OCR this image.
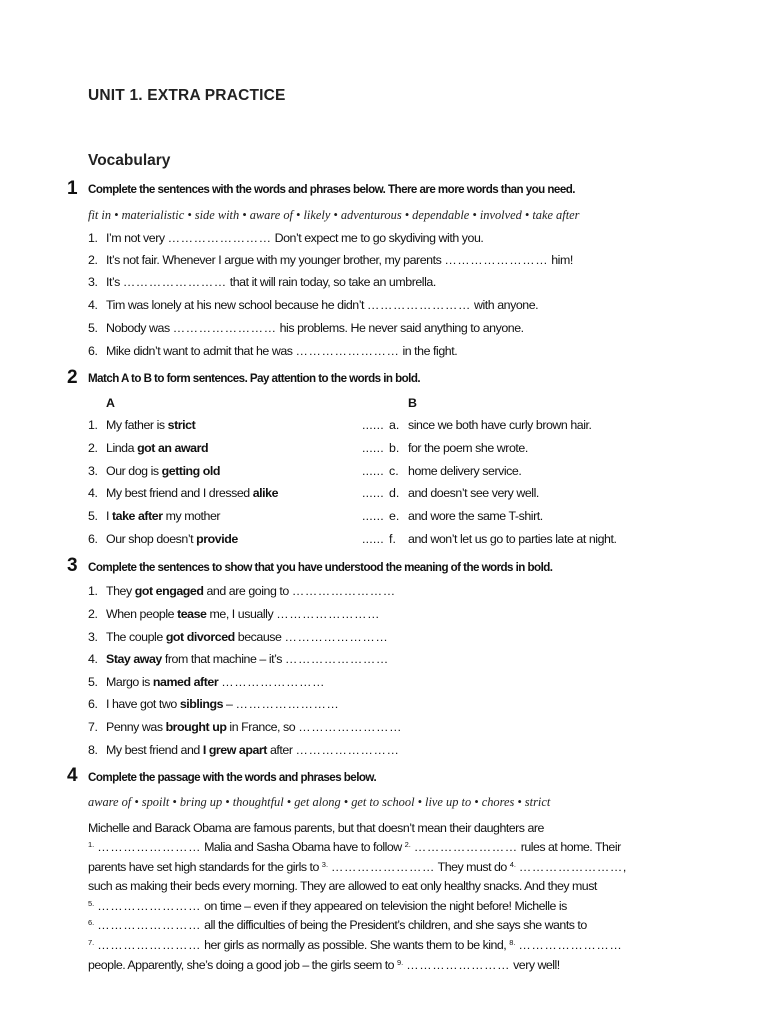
UNIT 1. EXTRA PRACTICE
Vocabulary
1 Complete the sentences with the words and phrases below. There are more words than you need.
fit in • materialistic • side with • aware of • likely • adventurous • dependable • involved • take after
1. I’m not very …………………… Don’t expect me to go skydiving with you.
2. It’s not fair. Whenever I argue with my younger brother, my parents …………………… him!
3. It’s …………………… that it will rain today, so take an umbrella.
4. Tim was lonely at his new school because he didn’t …………………… with anyone.
5. Nobody was …………………… his problems. He never said anything to anyone.
6. Mike didn’t want to admit that he was …………………… in the fight.
2 Match A to B to form sentences. Pay attention to the words in bold.
A	B
1. My father is strict	...... a. since we both have curly brown hair.
2. Linda got an award	...... b. for the poem she wrote.
3. Our dog is getting old	...... c. home delivery service.
4. My best friend and I dressed alike	...... d. and doesn’t see very well.
5. I take after my mother	...... e. and wore the same T-shirt.
6. Our shop doesn’t provide	...... f. and won’t let us go to parties late at night.
3 Complete the sentences to show that you have understood the meaning of the words in bold.
1. They got engaged and are going to ……………………
2. When people tease me, I usually ……………………
3. The couple got divorced because ……………………
4. Stay away from that machine – it’s ……………………
5. Margo is named after ……………………
6. I have got two siblings – ……………………
7. Penny was brought up in France, so ……………………
8. My best friend and I grew apart after ……………………
4 Complete the passage with the words and phrases below.
aware of • spoilt • bring up • thoughtful • get along • get to school • live up to • chores • strict
Michelle and Barack Obama are famous parents, but that doesn’t mean their daughters are
$^{1.}$ …………………… Malia and Sasha Obama have to follow $^{2.}$ …………………… rules at home. Their
parents have set high standards for the girls to $^{3.}$ …………………… They must do $^{4.}$ ……………………,
such as making their beds every morning. They are allowed to eat only healthy snacks. And they must
$^{5.}$ …………………… on time – even if they appeared on television the night before! Michelle is
$^{6.}$ …………………… all the difficulties of being the President’s children, and she says she wants to
$^{7.}$ …………………… her girls as normally as possible. She wants them to be kind, $^{8.}$ ……………………
people. Apparently, she’s doing a good job – the girls seem to $^{9.}$ …………………… very well!
